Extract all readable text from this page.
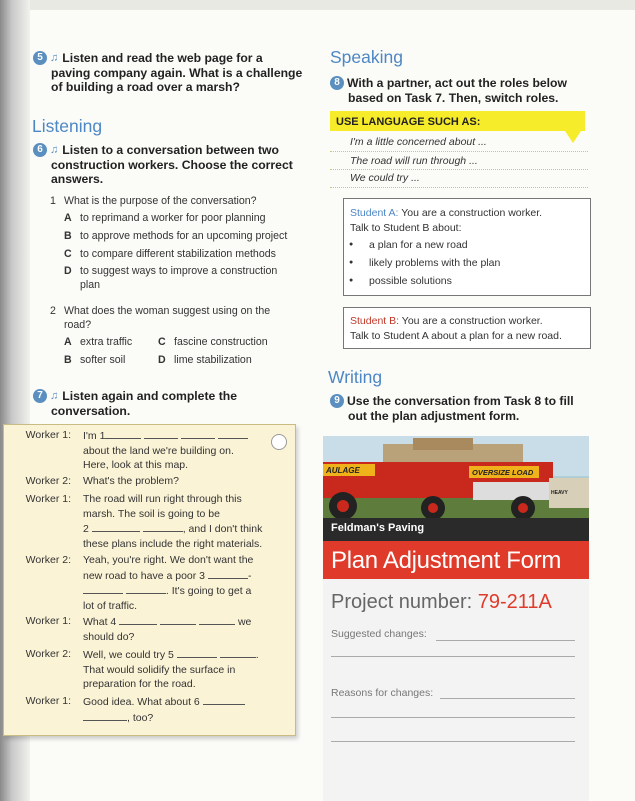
5 ♫ Listen and read the web page for a
paving company again. What is a challenge
of building a road over a marsh?
Listening
6 ♫ Listen to a conversation between two
construction workers. Choose the correct
answers.
1 What is the purpose of the conversation?
A to reprimand a worker for poor planning
B to approve methods for an upcoming project
C to compare different stabilization methods
D to suggest ways to improve a construction
plan
2 What does the woman suggest using on the
road?
A extra traffic C fascine construction
B softer soil	D lime stabilization
7 ♫ Listen again and complete the
conversation.
Worker 1: I'm 1
about the land we're building on.
Here, look at this map.
Worker 2: What's the problem?
Worker 1: The road will run right through this
marsh. The soil is going to be
2	, and I don't think
these plans include the right materials.
Worker 2: Yeah, you're right. We don't want the
new road to have a poor 3	-
. It's going to get a
lot of traffic.
Worker 1: What 4	we
should do?
Worker 2: Well, we could try 5	.
That would solidify the surface in
preparation for the road.
Worker 1: Good idea. What about 6
, too?
Speaking
8 With a partner, act out the roles below
based on Task 7. Then, switch roles.
USE LANGUAGE SUCH AS:
I'm a little concerned about ...
The road will run through ...
We could try ...
Student A: You are a construction worker.
Talk to Student B about:
● a plan for a new road
● likely problems with the plan
● possible solutions
Student B: You are a construction worker.
Talk to Student A about a plan for a new road.
Writing
9 Use the conversation from Task 8 to fill
out the plan adjustment form.
AULAGE	OVERSIZE LOAD
HEAVY
Feldman's Paving
Plan Adjustment Form
Project number: 79-211A
Suggested changes:
Reasons for changes:
